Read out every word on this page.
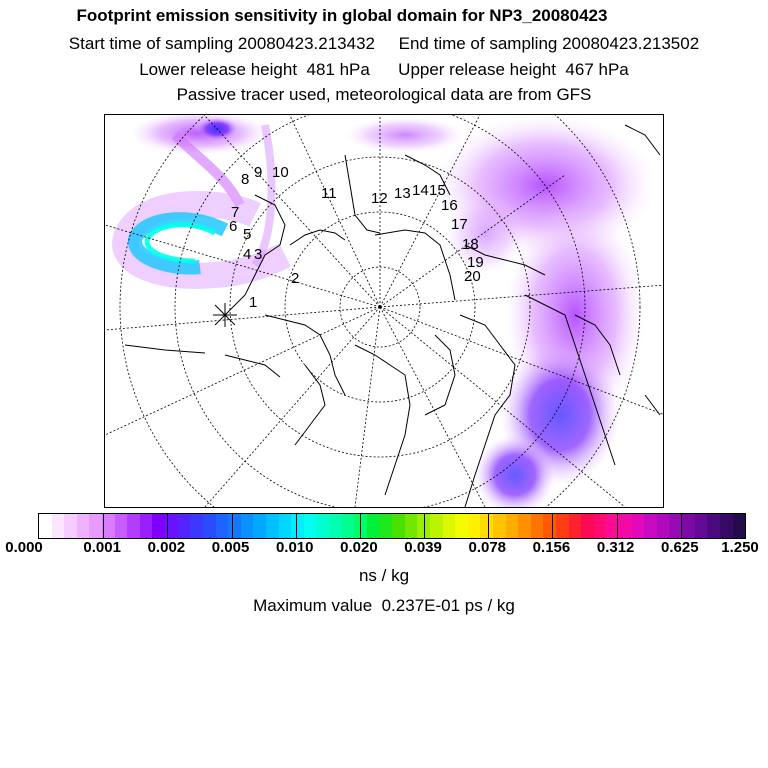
Footprint emission sensitivity in global domain for NP3_20080423
Start time of sampling 20080423.213432     End time of sampling 20080423.213502
Lower release height  481 hPa      Upper release height  467 hPa
Passive tracer used, meteorological data are from GFS
1
2
3
4
5
6
7
8 9 10
11 12 13 14 15
16
17
18
19
20
0.000	0.001 0.002 0.005 0.010 0.020 0.039 0.078 0.156 0.312 0.625 1.250
ns / kg
Maximum value  0.237E-01 ps / kg
